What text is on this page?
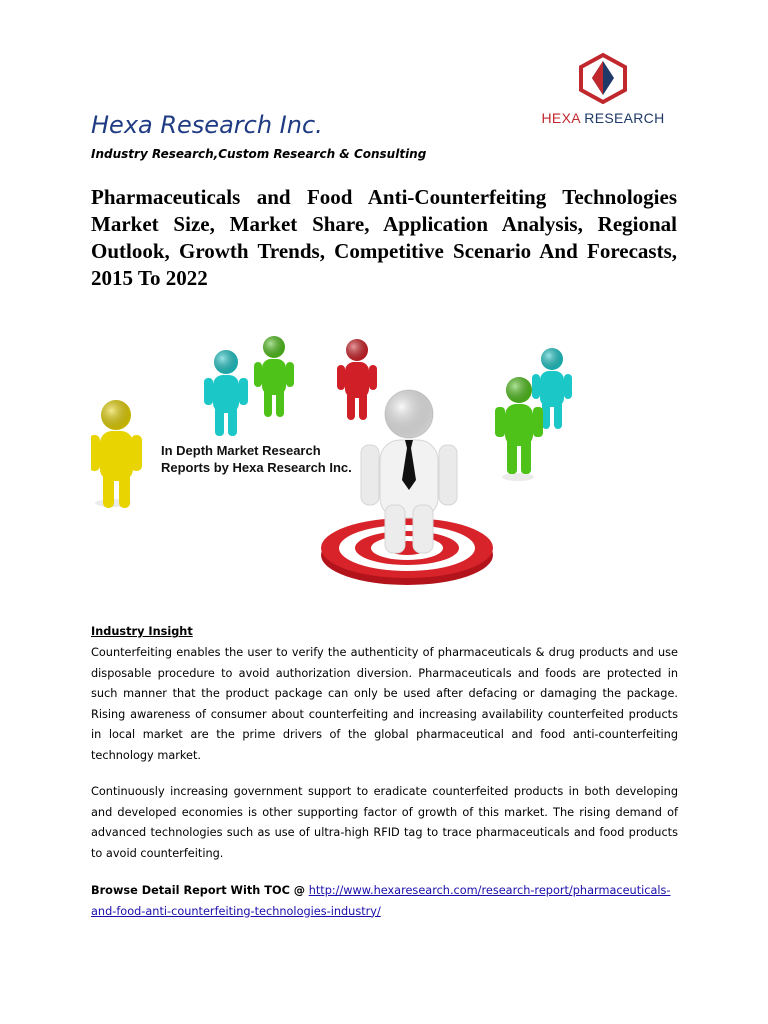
HEXA RESEARCH
Hexa Research Inc.
Industry Research,Custom Research & Consulting
Pharmaceuticals and Food Anti-Counterfeiting Technologies Market Size, Market Share, Application Analysis, Regional Outlook, Growth Trends, Competitive Scenario And Forecasts, 2015 To 2022
In Depth Market Research Reports by Hexa Research Inc.
Industry Insight
Counterfeiting enables the user to verify the authenticity of pharmaceuticals & drug products and use disposable procedure to avoid authorization diversion. Pharmaceuticals and foods are protected in such manner that the product package can only be used after defacing or damaging the package. Rising awareness of consumer about counterfeiting and increasing availability counterfeited products in local market are the prime drivers of the global pharmaceutical and food anti-counterfeiting technology market.
Continuously increasing government support to eradicate counterfeited products in both developing and developed economies is other supporting factor of growth of this market. The rising demand of advanced technologies such as use of ultra-high RFID tag to trace pharmaceuticals and food products to avoid counterfeiting.
Browse Detail Report With TOC @ http://www.hexaresearch.com/research-report/pharmaceuticals-and-food-anti-counterfeiting-technologies-industry/
